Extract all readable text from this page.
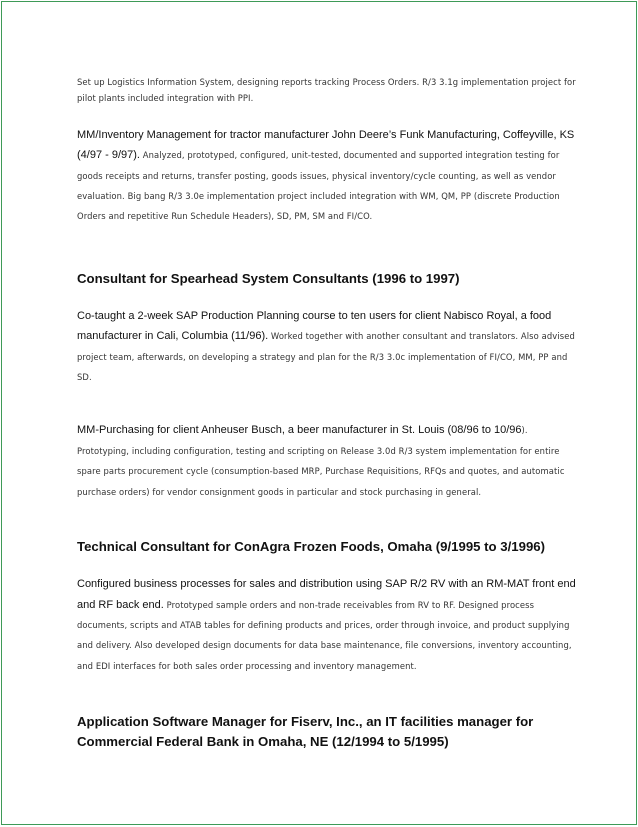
Set up Logistics Information System, designing reports tracking Process Orders. R/3 3.1g implementation project for pilot plants included integration with PPI.

MM/Inventory Management for tractor manufacturer John Deere’s Funk Manufacturing, Coffeyville, KS (4/97 - 9/97). Analyzed, prototyped, configured, unit-tested, documented and supported integration testing for goods receipts and returns, transfer posting, goods issues, physical inventory/cycle counting, as well as vendor evaluation. Big bang R/3 3.0e implementation project included integration with WM, QM, PP (discrete Production Orders and repetitive Run Schedule Headers), SD, PM, SM and FI/CO.

Consultant for Spearhead System Consultants (1996 to 1997)

Co-taught a 2-week SAP Production Planning course to ten users for client Nabisco Royal, a food manufacturer in Cali, Columbia (11/96). Worked together with another consultant and translators. Also advised project team, afterwards, on developing a strategy and plan for the R/3 3.0c implementation of FI/CO, MM, PP and SD.

MM-Purchasing for client Anheuser Busch, a beer manufacturer in St. Louis (08/96 to 10/96). Prototyping, including configuration, testing and scripting on Release 3.0d R/3 system implementation for entire spare parts procurement cycle (consumption-based MRP, Purchase Requisitions, RFQs and quotes, and automatic purchase orders) for vendor consignment goods in particular and stock purchasing in general.

Technical Consultant for ConAgra Frozen Foods, Omaha (9/1995 to 3/1996)

Configured business processes for sales and distribution using SAP R/2 RV with an RM-MAT front end and RF back end. Prototyped sample orders and non-trade receivables from RV to RF. Designed process documents, scripts and ATAB tables for defining products and prices, order through invoice, and product supplying and delivery. Also developed design documents for data base maintenance, file conversions, inventory accounting, and EDI interfaces for both sales order processing and inventory management.

Application Software Manager for Fiserv, Inc., an IT facilities manager for Commercial Federal Bank in Omaha, NE (12/1994 to 5/1995)
